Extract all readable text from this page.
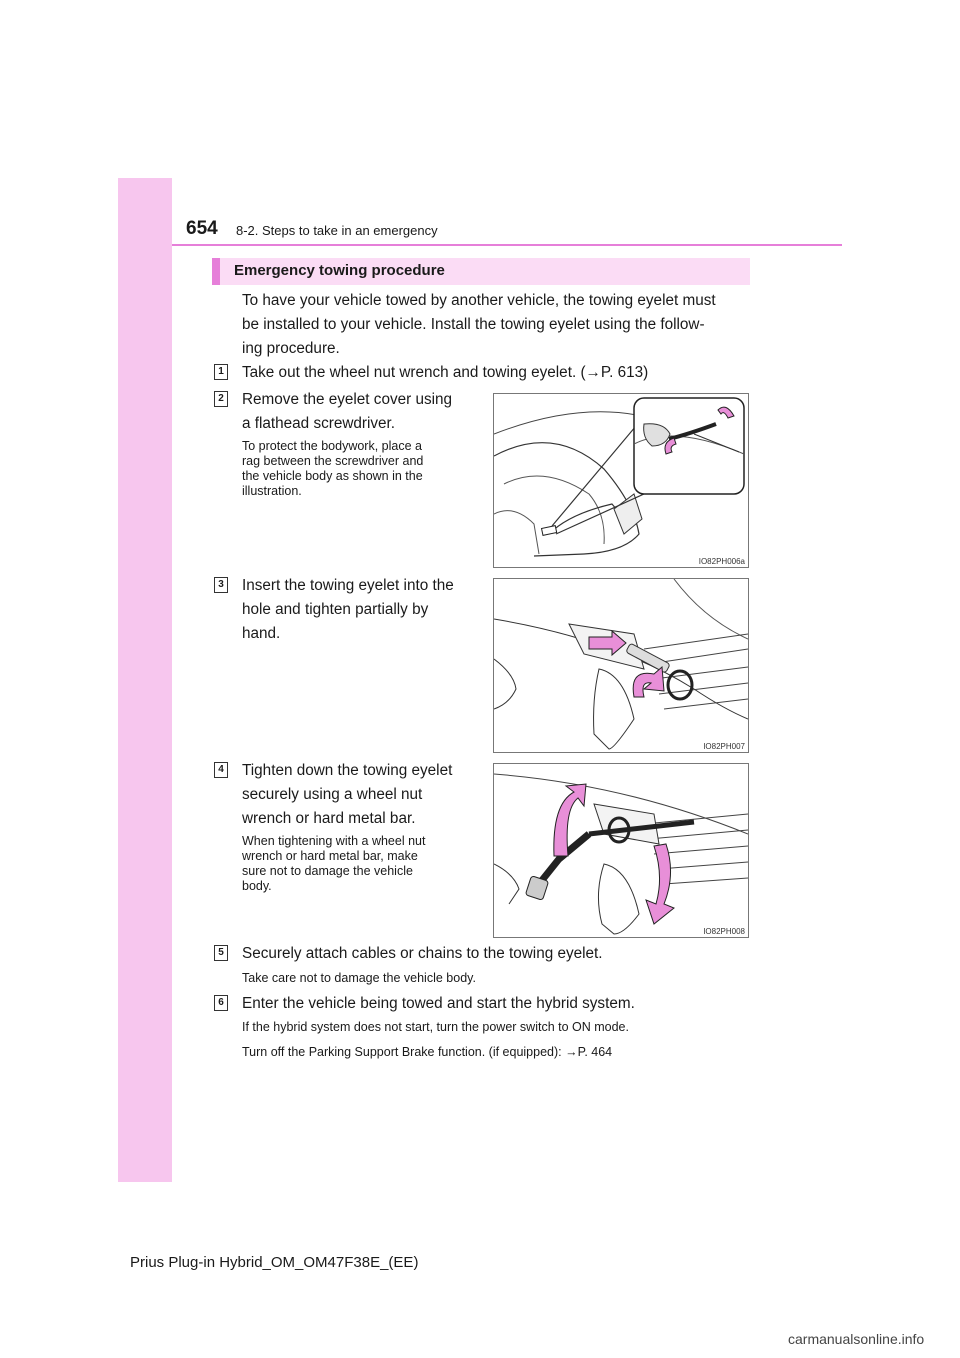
654 8-2. Steps to take in an emergency
Emergency towing procedure
To have your vehicle towed by another vehicle, the towing eyelet must
be installed to your vehicle. Install the towing eyelet using the follow-
ing procedure.
1 Take out the wheel nut wrench and towing eyelet. (→P. 613)
2 Remove the eyelet cover using
a flathead screwdriver.
To protect the bodywork, place a
rag between the screwdriver and
the vehicle body as shown in the
illustration.
IO82PH006a
3 Insert the towing eyelet into the
hole and tighten partially by
hand.
IO82PH007
4 Tighten down the towing eyelet
securely using a wheel nut
wrench or hard metal bar.
When tightening with a wheel nut
wrench or hard metal bar, make
sure not to damage the vehicle
body.
IO82PH008
5 Securely attach cables or chains to the towing eyelet.
Take care not to damage the vehicle body.
6 Enter the vehicle being towed and start the hybrid system.
If the hybrid system does not start, turn the power switch to ON mode.
Turn off the Parking Support Brake function. (if equipped): →P. 464
Prius Plug-in Hybrid_OM_OM47F38E_(EE)
carmanualsonline.info
